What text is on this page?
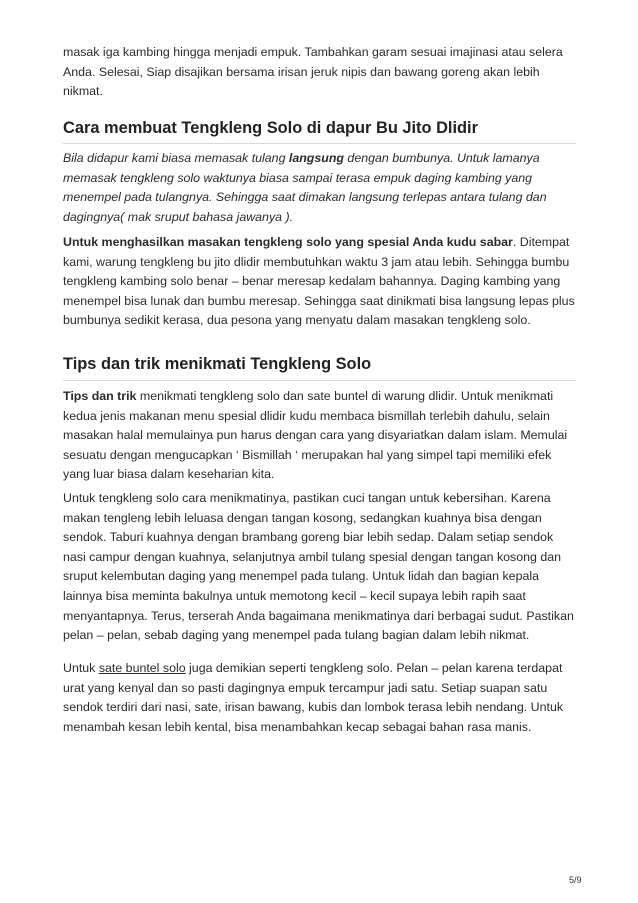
masak iga kambing hingga menjadi empuk. Tambahkan garam sesuai imajinasi atau selera Anda. Selesai, Siap disajikan bersama irisan jeruk nipis dan bawang goreng akan lebih nikmat.

Cara membuat Tengkleng Solo di dapur Bu Jito Dlidir

Bila didapur kami biasa memasak tulang langsung dengan bumbunya. Untuk lamanya memasak tengkleng solo waktunya biasa sampai terasa empuk daging kambing yang menempel pada tulangnya. Sehingga saat dimakan langsung terlepas antara tulang dan dagingnya( mak sruput bahasa jawanya ).

Untuk menghasilkan masakan tengkleng solo yang spesial Anda kudu sabar. Ditempat kami, warung tengkleng bu jito dlidir membutuhkan waktu 3 jam atau lebih. Sehingga bumbu tengkleng kambing solo benar – benar meresap kedalam bahannya. Daging kambing yang menempel bisa lunak dan bumbu meresap. Sehingga saat dinikmati bisa langsung lepas plus bumbunya sedikit kerasa, dua pesona yang menyatu dalam masakan tengkleng solo.

Tips dan trik menikmati Tengkleng Solo

Tips dan trik menikmati tengkleng solo dan sate buntel di warung dlidir. Untuk menikmati kedua jenis makanan menu spesial dlidir kudu membaca bismillah terlebih dahulu, selain masakan halal memulainya pun harus dengan cara yang disyariatkan dalam islam. Memulai sesuatu dengan mengucapkan ‘ Bismillah ‘ merupakan hal yang simpel tapi memiliki efek yang luar biasa dalam keseharian kita.

Untuk tengkleng solo cara menikmatinya, pastikan cuci tangan untuk kebersihan. Karena makan tengleng lebih leluasa dengan tangan kosong, sedangkan kuahnya bisa dengan sendok. Taburi kuahnya dengan brambang goreng biar lebih sedap. Dalam setiap sendok nasi campur dengan kuahnya, selanjutnya ambil tulang spesial dengan tangan kosong dan sruput kelembutan daging yang menempel pada tulang. Untuk lidah dan bagian kepala lainnya bisa meminta bakulnya untuk memotong kecil – kecil supaya lebih rapih saat menyantapnya. Terus, terserah Anda bagaimana menikmatinya dari berbagai sudut. Pastikan pelan – pelan, sebab daging yang menempel pada tulang bagian dalam lebih nikmat.

Untuk sate buntel solo juga demikian seperti tengkleng solo. Pelan – pelan karena terdapat urat yang kenyal dan so pasti dagingnya empuk tercampur jadi satu. Setiap suapan satu sendok terdiri dari nasi, sate, irisan bawang, kubis dan lombok terasa lebih nendang. Untuk menambah kesan lebih kental, bisa menambahkan kecap sebagai bahan rasa manis.

5/9
